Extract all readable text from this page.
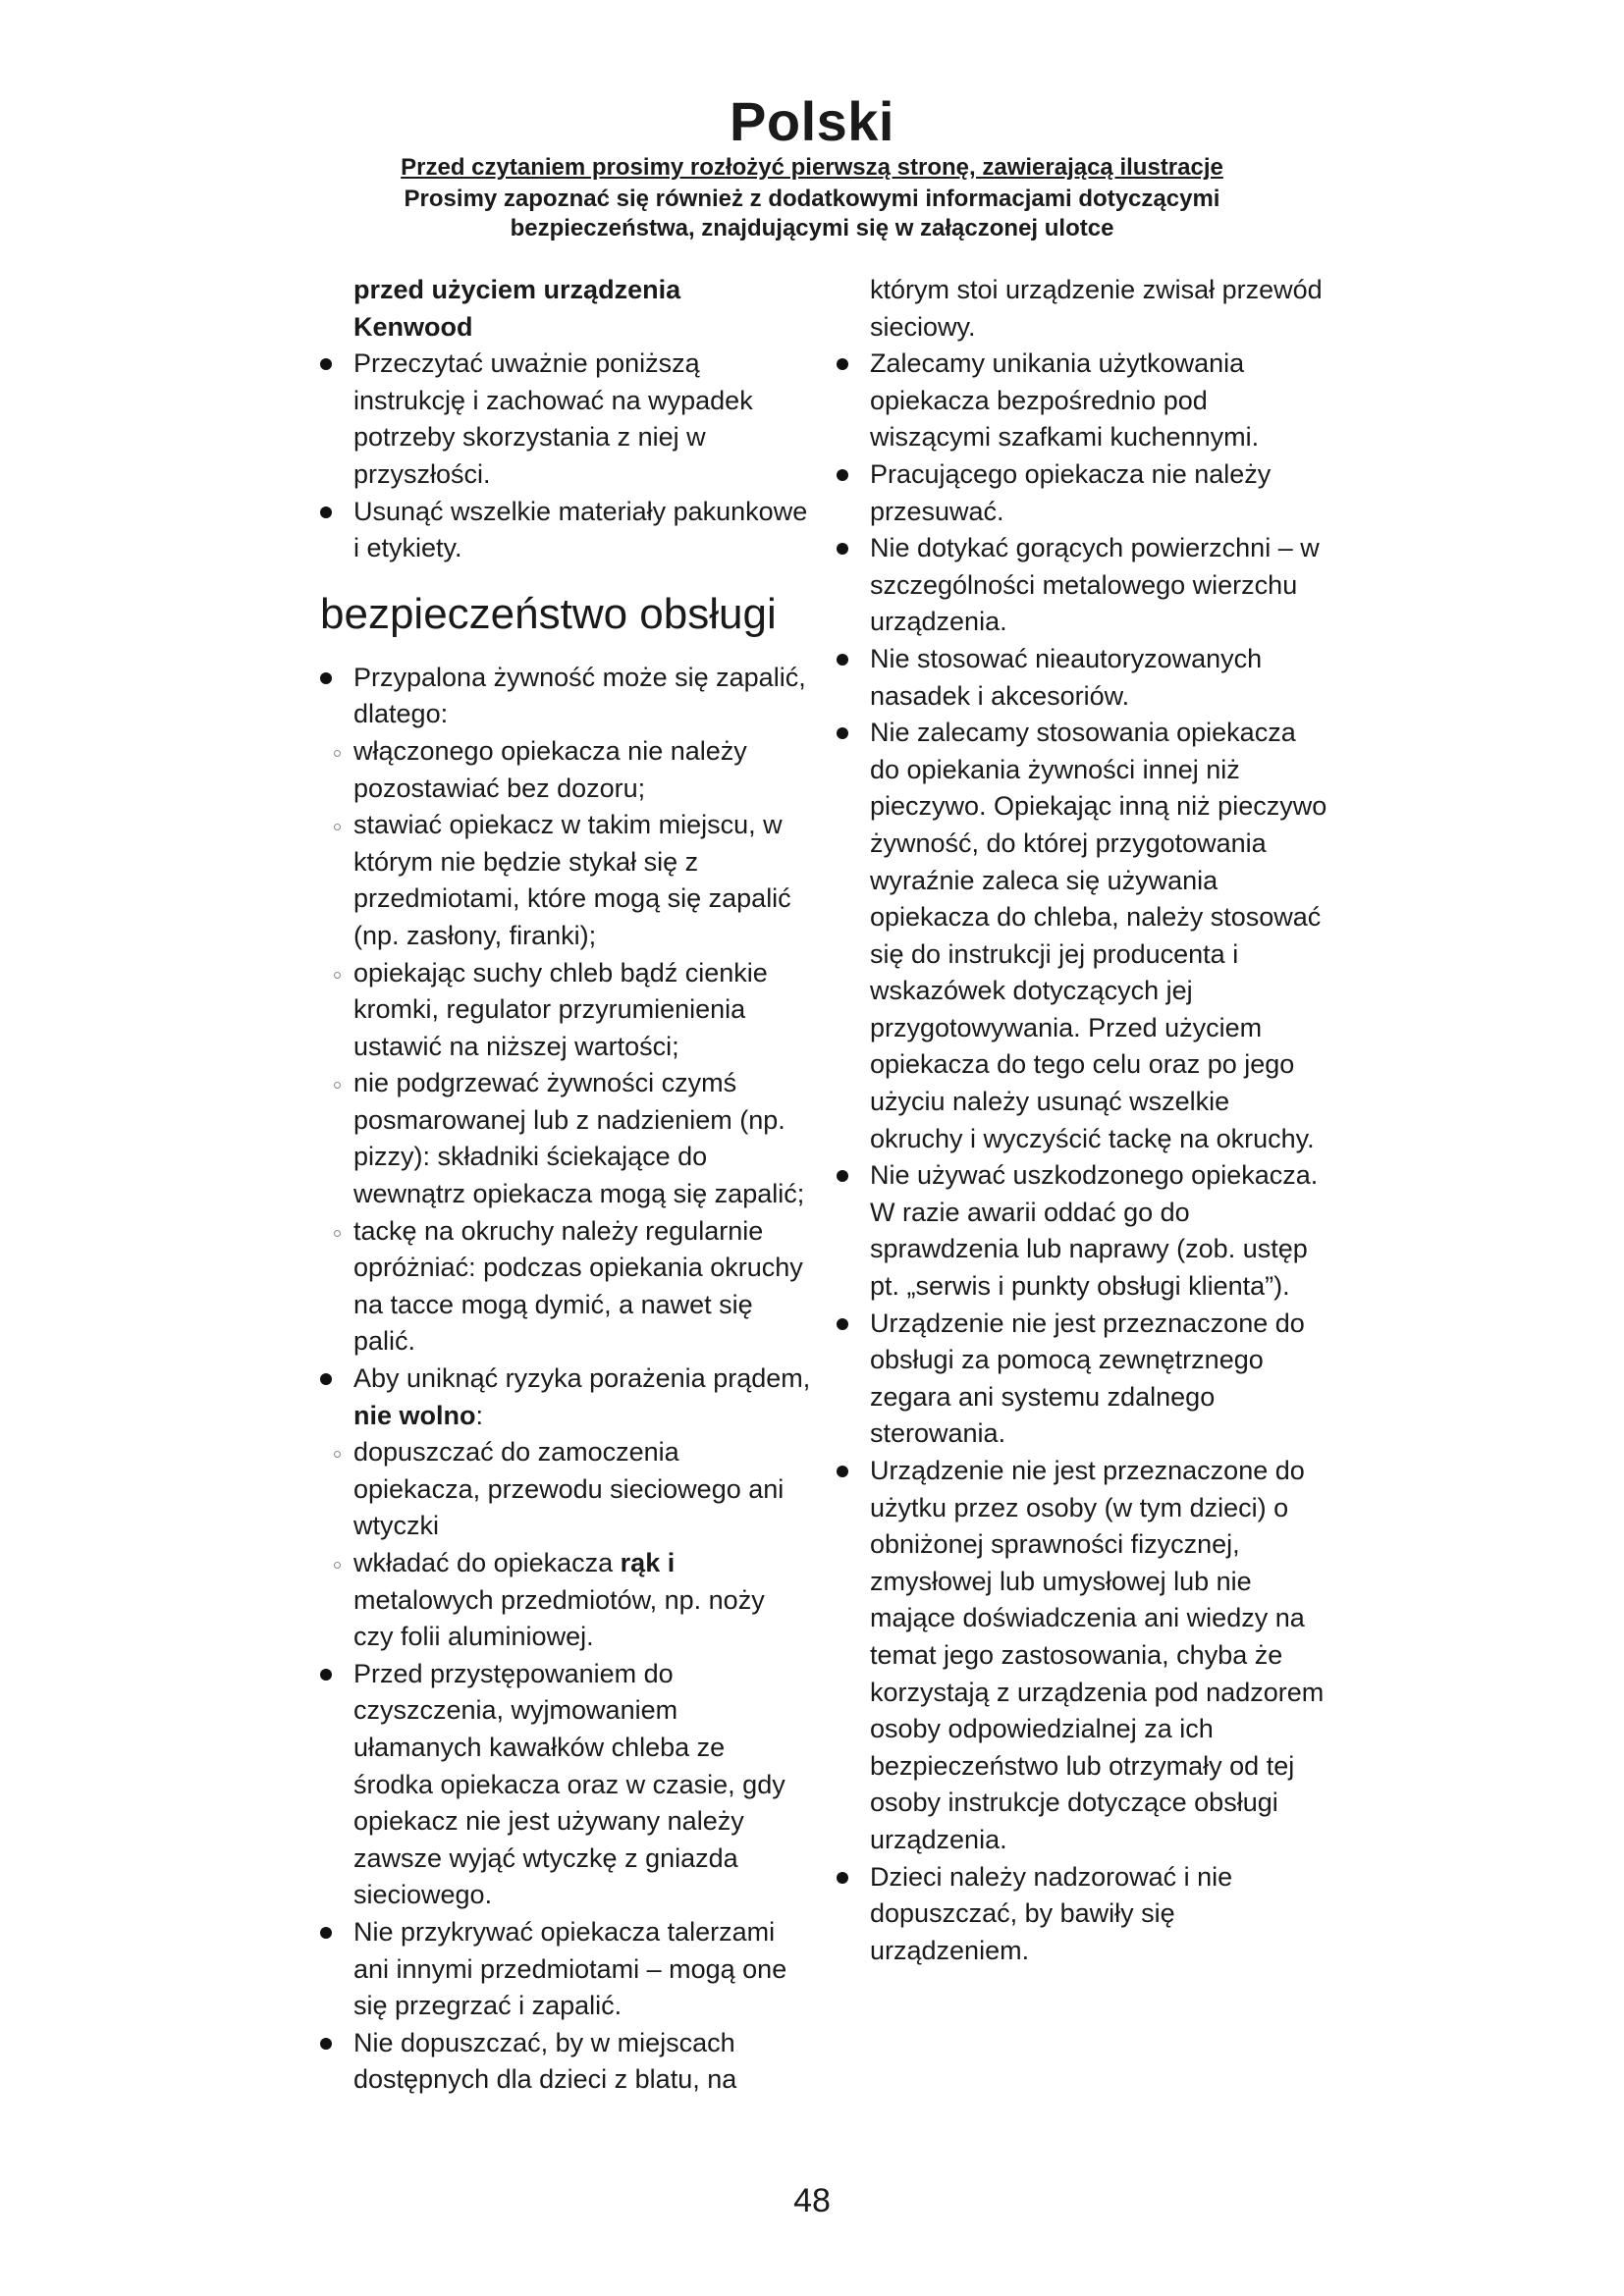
Polski
Przed czytaniem prosimy rozłożyć pierwszą stronę, zawierającą ilustracje
Prosimy zapoznać się również z dodatkowymi informacjami dotyczącymi
bezpieczeństwa, znajdującymi się w załączonej ulotce

przed użyciem urządzenia

Kenwood

Przeczytać uważnie poniższą instrukcję i zachować na wypadek potrzeby skorzystania z niej w przyszłości.
Usunąć wszelkie materiały pakunkowe i etykiety.
bezpieczeństwo obsługi
Przypalona żywność może się zapalić, dlatego:
włączonego opiekacza nie należy pozostawiać bez dozoru;
stawiać opiekacz w takim miejscu, w którym nie będzie stykał się z przedmiotami, które mogą się zapalić (np. zasłony, firanki);
opiekając suchy chleb bądź cienkie kromki, regulator przyrumienienia ustawić na niższej wartości;
nie podgrzewać żywności czymś posmarowanej lub z nadzieniem (np. pizzy): składniki ściekające do wewnątrz opiekacza mogą się zapalić;
tackę na okruchy należy regularnie opróżniać: podczas opiekania okruchy na tacce mogą dymić, a nawet się palić.
Aby uniknąć ryzyka porażenia prądem, nie wolno:
dopuszczać do zamoczenia opiekacza, przewodu sieciowego ani wtyczki
wkładać do opiekacza rąk i metalowych przedmiotów, np. noży czy folii aluminiowej.
Przed przystępowaniem do czyszczenia, wyjmowaniem ułamanych kawałków chleba ze środka opiekacza oraz w czasie, gdy opiekacz nie jest używany należy zawsze wyjąć wtyczkę z gniazda sieciowego.
Nie przykrywać opiekacza talerzami ani innymi przedmiotami – mogą one się przegrzać i zapalić.
Nie dopuszczać, by w miejscach dostępnych dla dzieci z blatu, na

którym stoi urządzenie zwisał przewód sieciowy.

Zalecamy unikania użytkowania opiekacza bezpośrednio pod wiszącymi szafkami kuchennymi.
Pracującego opiekacza nie należy przesuwać.
Nie dotykać gorących powierzchni – w szczególności metalowego wierzchu urządzenia.
Nie stosować nieautoryzowanych nasadek i akcesoriów.
Nie zalecamy stosowania opiekacza do opiekania żywności innej niż pieczywo. Opiekając inną niż pieczywo żywność, do której przygotowania wyraźnie zaleca się używania opiekacza do chleba, należy stosować się do instrukcji jej producenta i wskazówek dotyczących jej przygotowywania. Przed użyciem opiekacza do tego celu oraz po jego użyciu należy usunąć wszelkie okruchy i wyczyścić tackę na okruchy.
Nie używać uszkodzonego opiekacza. W razie awarii oddać go do sprawdzenia lub naprawy (zob. ustęp pt. „serwis i punkty obsługi klienta”).
Urządzenie nie jest przeznaczone do obsługi za pomocą zewnętrznego zegara ani systemu zdalnego sterowania.
Urządzenie nie jest przeznaczone do użytku przez osoby (w tym dzieci) o obniżonej sprawności fizycznej, zmysłowej lub umysłowej lub nie mające doświadczenia ani wiedzy na temat jego zastosowania, chyba że korzystają z urządzenia pod nadzorem osoby odpowiedzialnej za ich bezpieczeństwo lub otrzymały od tej osoby instrukcje dotyczące obsługi urządzenia.
Dzieci należy nadzorować i nie dopuszczać, by bawiły się urządzeniem.
48
